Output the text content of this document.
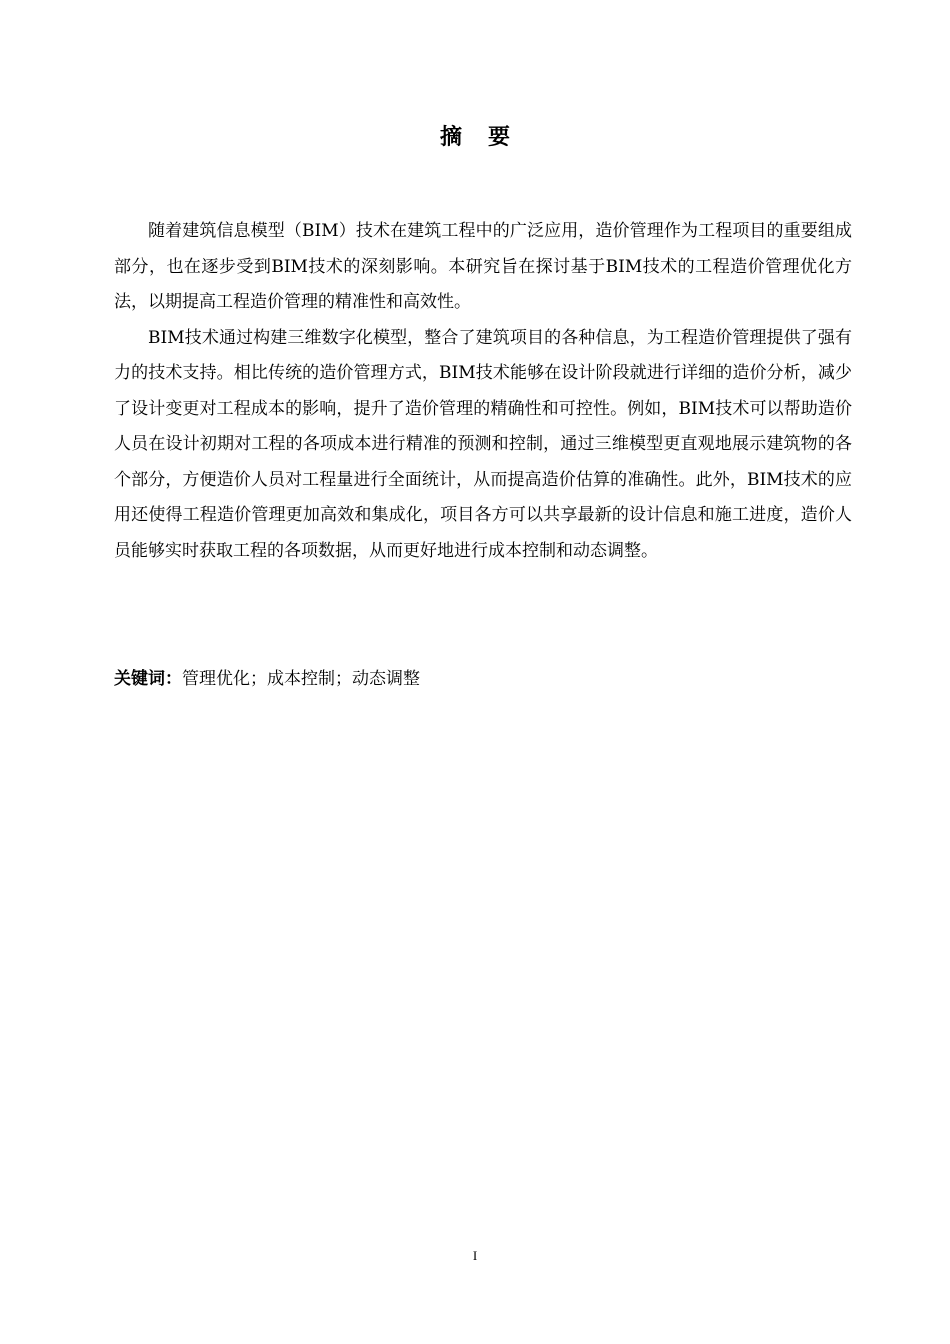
摘要

随着建筑信息模型（BIM）技术在建筑工程中的广泛应用，造价管理作为工程项目的重要组成部分，也在逐步受到BIM技术的深刻影响。本研究旨在探讨基于BIM技术的工程造价管理优化方法，以期提高工程造价管理的精准性和高效性。

BIM技术通过构建三维数字化模型，整合了建筑项目的各种信息，为工程造价管理提供了强有力的技术支持。相比传统的造价管理方式，BIM技术能够在设计阶段就进行详细的造价分析，减少了设计变更对工程成本的影响，提升了造价管理的精确性和可控性。例如，BIM技术可以帮助造价人员在设计初期对工程的各项成本进行精准的预测和控制，通过三维模型更直观地展示建筑物的各个部分，方便造价人员对工程量进行全面统计，从而提高造价估算的准确性。此外，BIM技术的应用还使得工程造价管理更加高效和集成化，项目各方可以共享最新的设计信息和施工进度，造价人员能够实时获取工程的各项数据，从而更好地进行成本控制和动态调整。

关键词：管理优化；成本控制；动态调整
I
